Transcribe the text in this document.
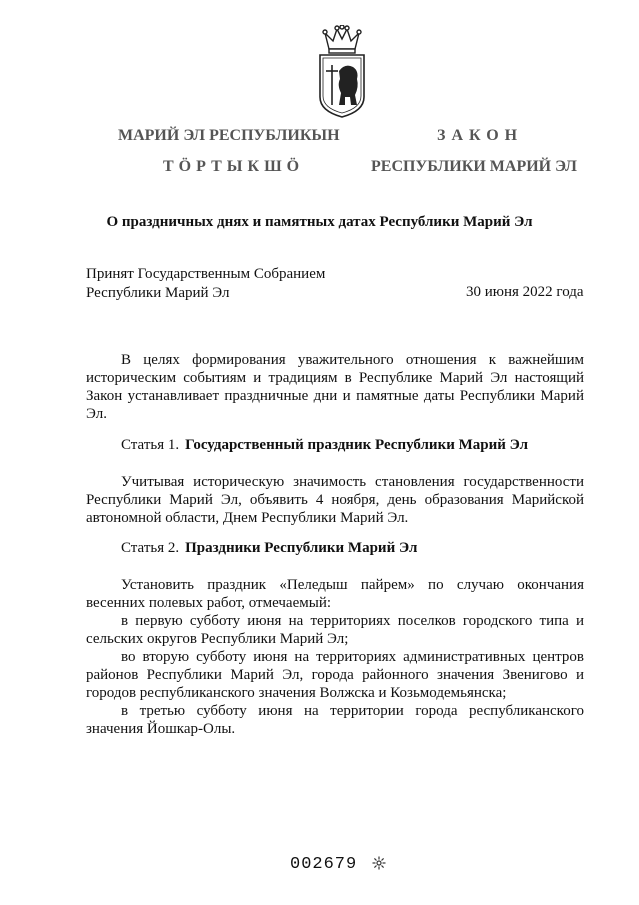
МАРИЙ ЭЛ РЕСПУБЛИКЫН
ТӦРТЫКШӦ
ЗАКОН
РЕСПУБЛИКИ МАРИЙ ЭЛ
О праздничных днях и памятных датах Республики Марий Эл
Принят Государственным Собранием
Республики Марий Эл	30 июня 2022 года
В целях формирования уважительного отношения к важнейшим историческим событиям и традициям в Республике Марий Эл настоящий Закон устанавливает праздничные дни и памятные даты Республики Марий Эл.
Статья 1. Государственный праздник Республики Марий Эл
Учитывая историческую значимость становления государственности Республики Марий Эл, объявить 4 ноября, день образования Марийской автономной области, Днем Республики Марий Эл.
Статья 2. Праздники Республики Марий Эл
Установить праздник «Пеледыш пайрем» по случаю окончания весенних полевых работ, отмечаемый:
в первую субботу июня на территориях поселков городского типа и сельских округов Республики Марий Эл;
во вторую субботу июня на территориях административных центров районов Республики Марий Эл, города районного значения Звенигово и городов республиканского значения Волжска и Козьмодемьянска;
в третью субботу июня на территории города республиканского значения Йошкар-Олы.
002679
